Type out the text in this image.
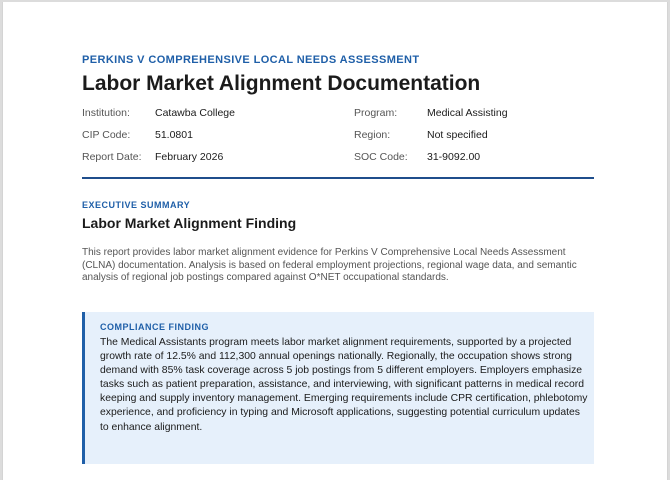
PERKINS V COMPREHENSIVE LOCAL NEEDS ASSESSMENT
Labor Market Alignment Documentation
Institution: Catawba College	Program:	Medical Assisting
CIP Code: 51.0801	Region:	Not specified
Report Date: February 2026	SOC Code: 31-9092.00
EXECUTIVE SUMMARY
Labor Market Alignment Finding

This report provides labor market alignment evidence for Perkins V Comprehensive Local Needs Assessment (CLNA) documentation. Analysis is based on federal employment projections, regional wage data, and semantic analysis of regional job postings compared against O*NET occupational standards.

COMPLIANCE FINDING

The Medical Assistants program meets labor market alignment requirements, supported by a projected growth rate of 12.5% and 112,300 annual openings nationally. Regionally, the occupation shows strong demand with 85% task coverage across 5 job postings from 5 different employers. Employers emphasize tasks such as patient preparation, assistance, and interviewing, with significant patterns in medical record keeping and supply inventory management. Emerging requirements include CPR certification, phlebotomy experience, and proficiency in typing and Microsoft applications, suggesting potential curriculum updates to enhance alignment.
